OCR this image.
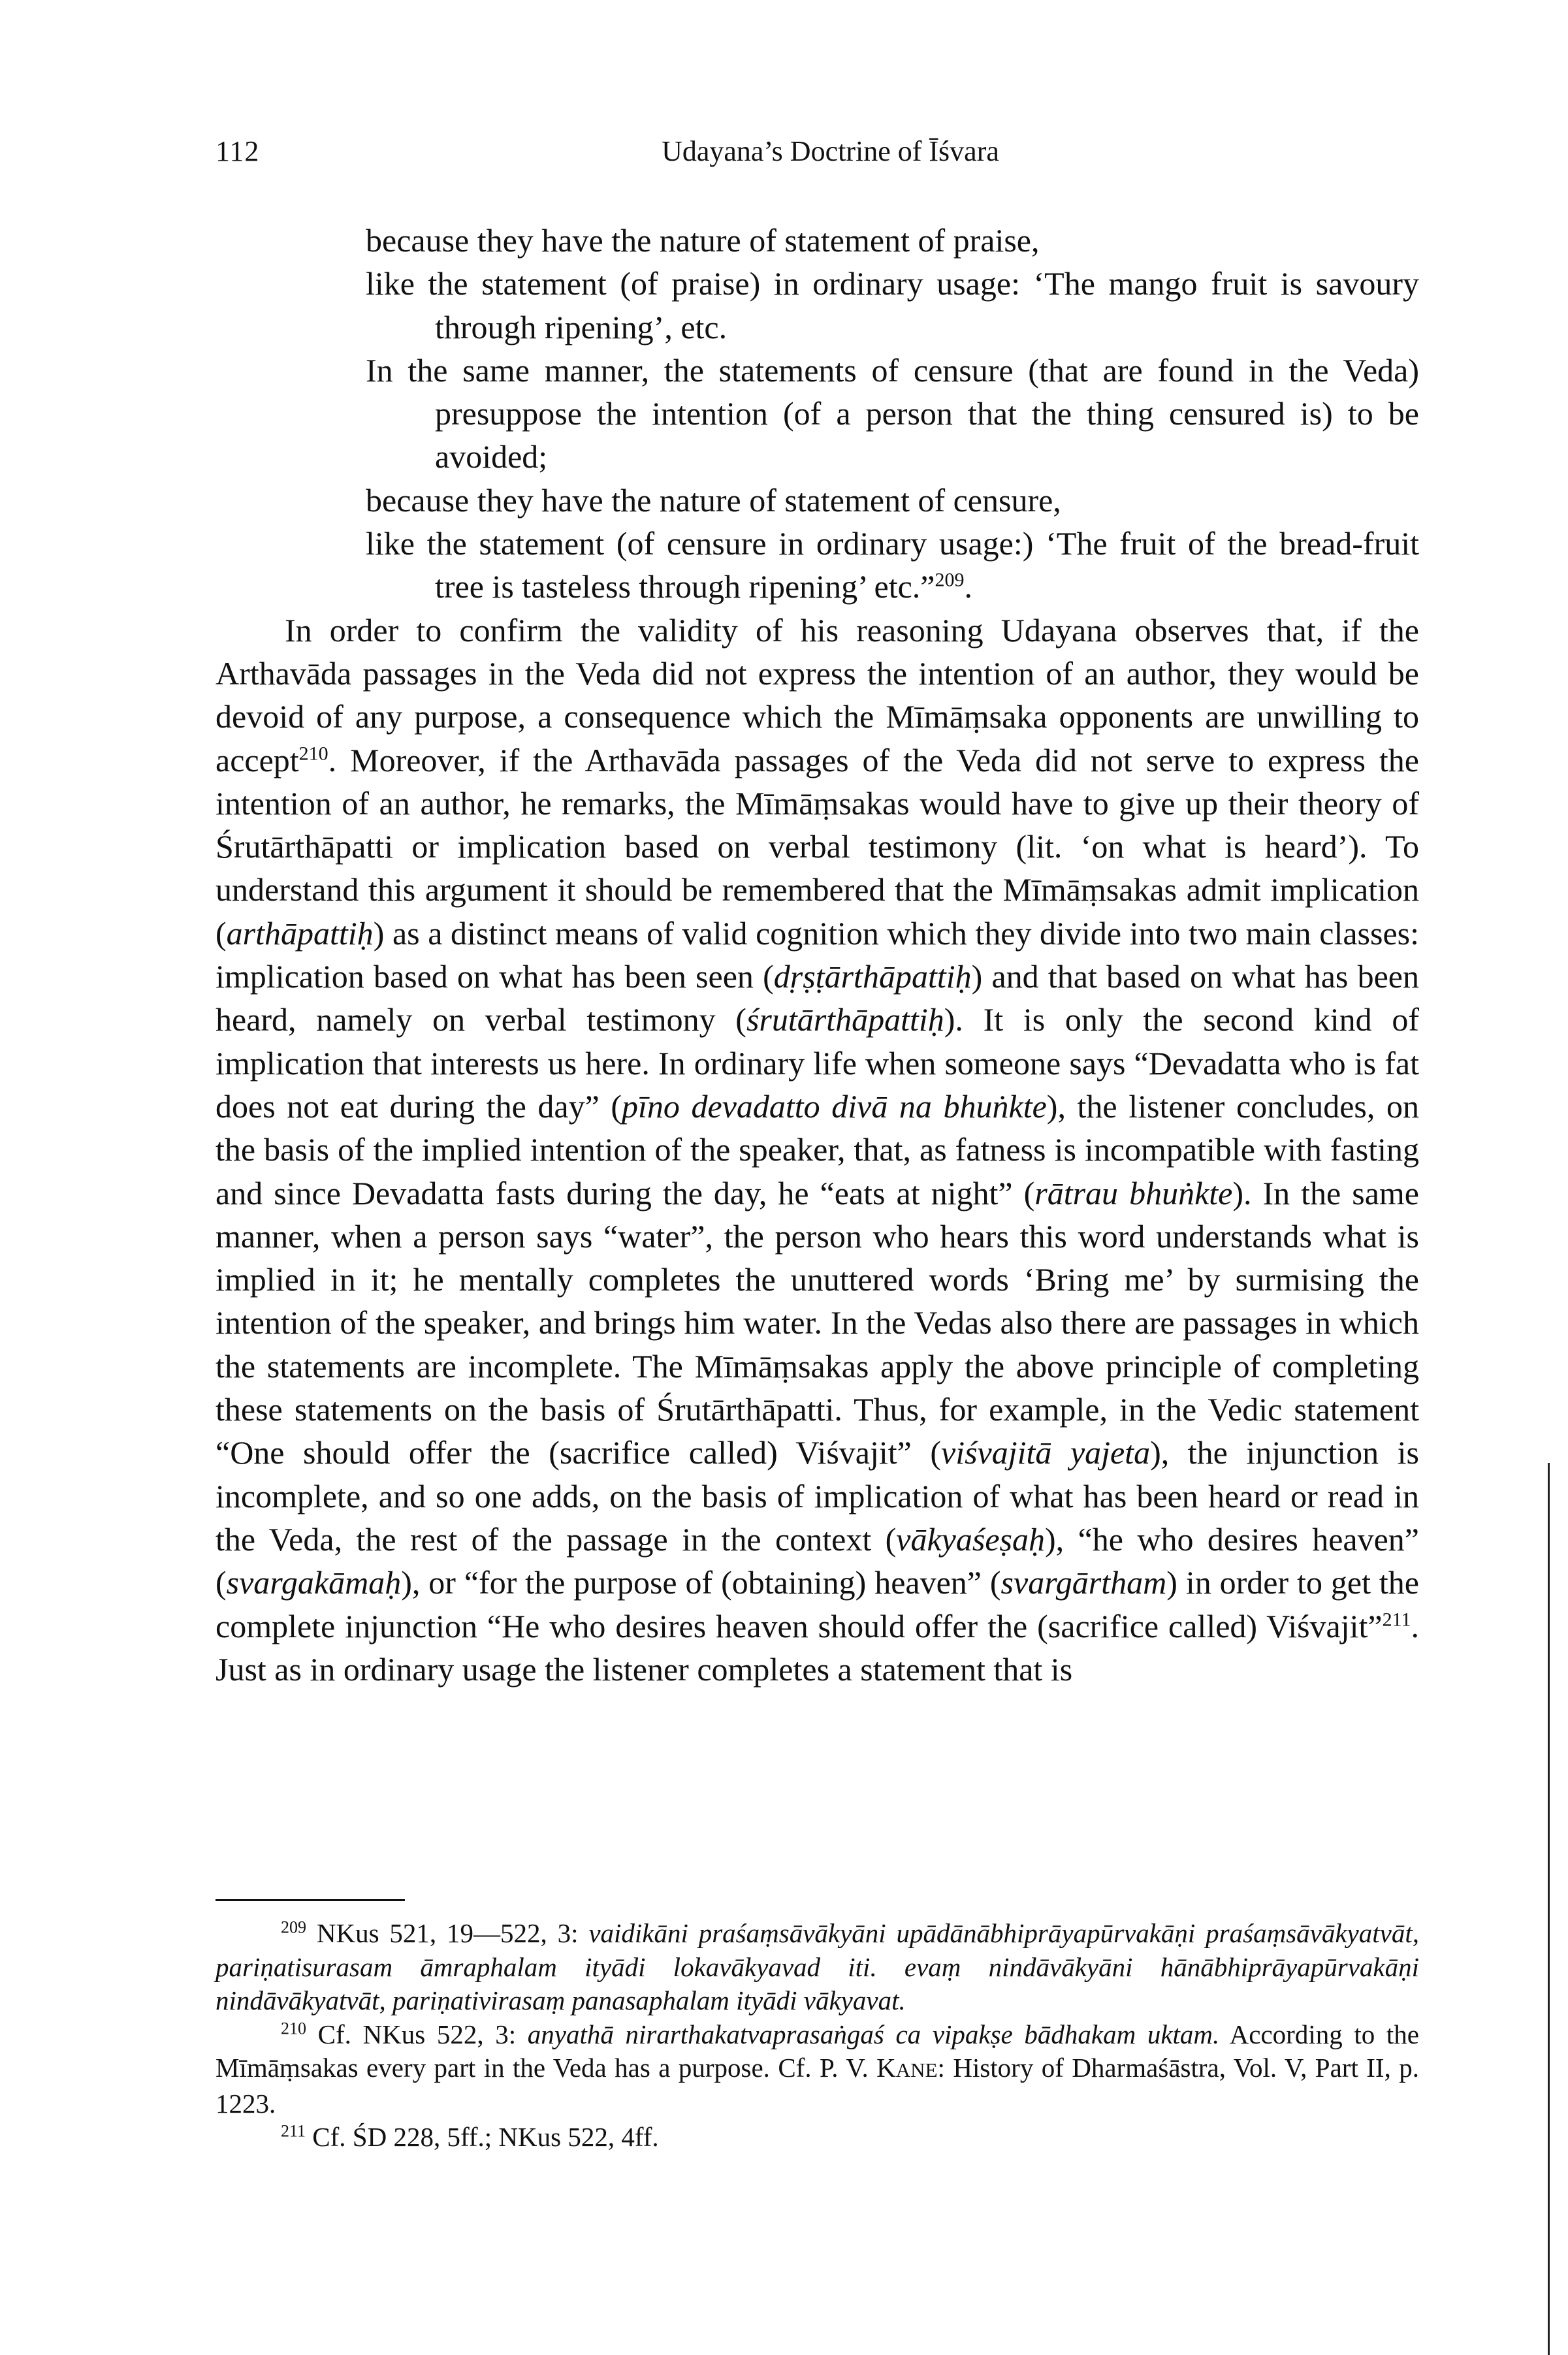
112	Udayana’s Doctrine of Īśvara

because they have the nature of statement of praise,

like the statement (of praise) in ordinary usage: ‘The mango fruit is savoury through ripening’, etc.

In the same manner, the statements of censure (that are found in the Veda) presuppose the intention (of a person that the thing censured is) to be avoided;

because they have the nature of statement of censure,

like the statement (of censure in ordinary usage:) ‘The fruit of the bread-fruit tree is tasteless through ripening’ etc.”$^{209}$.

In order to confirm the validity of his reasoning Udayana observes that, if the Arthavāda passages in the Veda did not express the intention of an author, they would be devoid of any purpose, a consequence which the Mīmāṃsaka opponents are unwilling to accept$^{210}$. Moreover, if the Arthavāda passages of the Veda did not serve to express the intention of an author, he remarks, the Mīmāṃsakas would have to give up their theory of Śrutārthāpatti or implication based on verbal testimony (lit. ‘on what is heard’). To understand this argument it should be remembered that the Mīmāṃsakas admit implication (arthāpattiḥ) as a distinct means of valid cognition which they divide into two main classes: implication based on what has been seen (dṛṣṭārthāpattiḥ) and that based on what has been heard, namely on verbal testimony (śrutārthāpattiḥ). It is only the second kind of implication that interests us here. In ordinary life when someone says “Devadatta who is fat does not eat during the day” (pīno devadatto divā na bhuṅkte), the listener concludes, on the basis of the implied intention of the speaker, that, as fatness is incompatible with fasting and since Devadatta fasts during the day, he “eats at night” (rātrau bhuṅkte). In the same manner, when a person says “water”, the person who hears this word understands what is implied in it; he mentally completes the unuttered words ‘Bring me’ by surmising the intention of the speaker, and brings him water. In the Vedas also there are passages in which the statements are incomplete. The Mīmāṃsakas apply the above principle of completing these statements on the basis of Śrutārthāpatti. Thus, for example, in the Vedic statement “One should offer the (sacrifice called) Viśvajit” (viśvajitā yajeta), the injunction is incomplete, and so one adds, on the basis of implication of what has been heard or read in the Veda, the rest of the passage in the context (vākyaśeṣaḥ), “he who desires heaven” (svargakāmaḥ), or “for the purpose of (obtaining) heaven” (svargārtham) in order to get the complete injunction “He who desires heaven should offer the (sacrifice called) Viśvajit”$^{211}$. Just as in ordinary usage the listener completes a statement that is

$^{209}$ NKus 521, 19—522, 3: vaidikāni praśaṃsāvākyāni upādānābhiprāyapūrvakāṇi praśaṃsāvākyatvāt, pariṇatisurasam āmraphalam ityādi lokavākyavad iti. evaṃ nindāvākyāni hānābhiprāyapūrvakāṇi nindāvākyatvāt, pariṇativirasaṃ panasaphalam ityādi vākyavat.

$^{210}$ Cf. NKus 522, 3: anyathā nirarthakatvaprasaṅgaś ca vipakṣe bādhakam uktam. According to the Mīmāṃsakas every part in the Veda has a purpose. Cf. P. V. KANE: History of Dharmaśāstra, Vol. V, Part II, p. 1223.

$^{211}$ Cf. ŚD 228, 5ff.; NKus 522, 4ff.
